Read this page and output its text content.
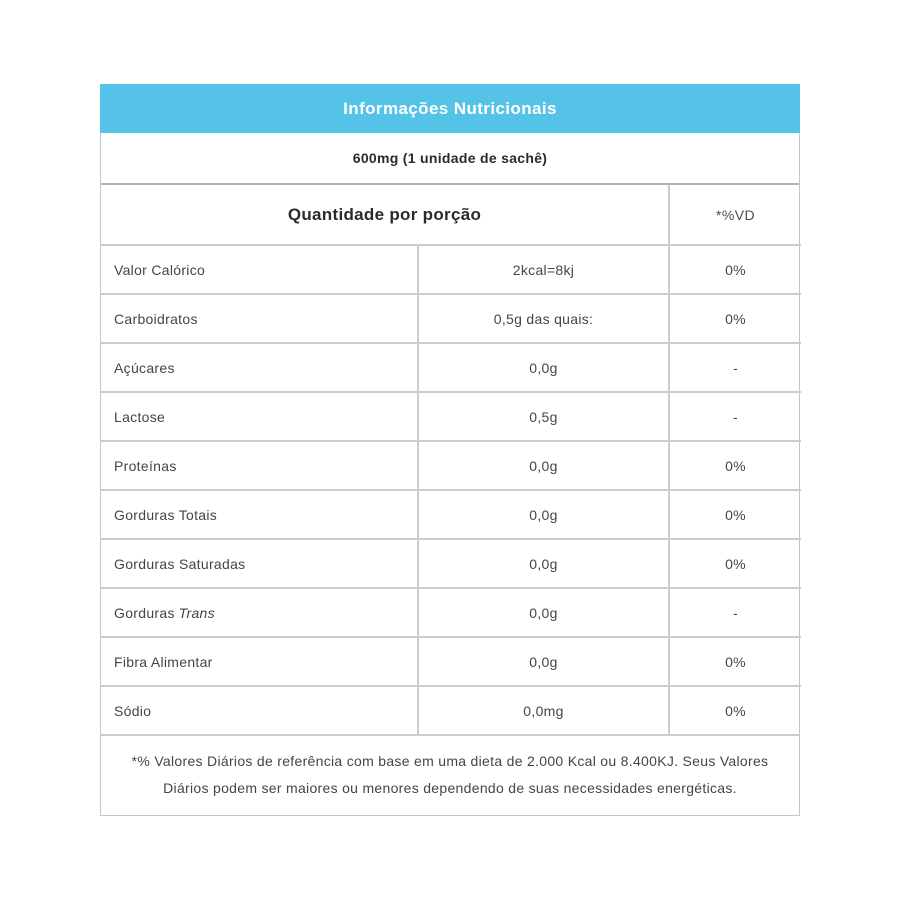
Informações Nutricionais
600mg (1 unidade de sachê)
Quantidade por porção		*%VD
Valor Calórico	2kcal=8kj	0%
Carboidratos	0,5g das quais:	0%
Açúcares	0,0g	-
Lactose	0,5g	-
Proteínas	0,0g	0%
Gorduras Totais	0,0g	0%
Gorduras Saturadas	0,0g	0%
Gorduras Trans	0,0g	-
Fibra Alimentar	0,0g	0%
Sódio	0,0mg	0%
*% Valores Diários de referência com base em uma dieta de 2.000 Kcal ou 8.400KJ. Seus Valores Diários podem ser maiores ou menores dependendo de suas necessidades energéticas.
